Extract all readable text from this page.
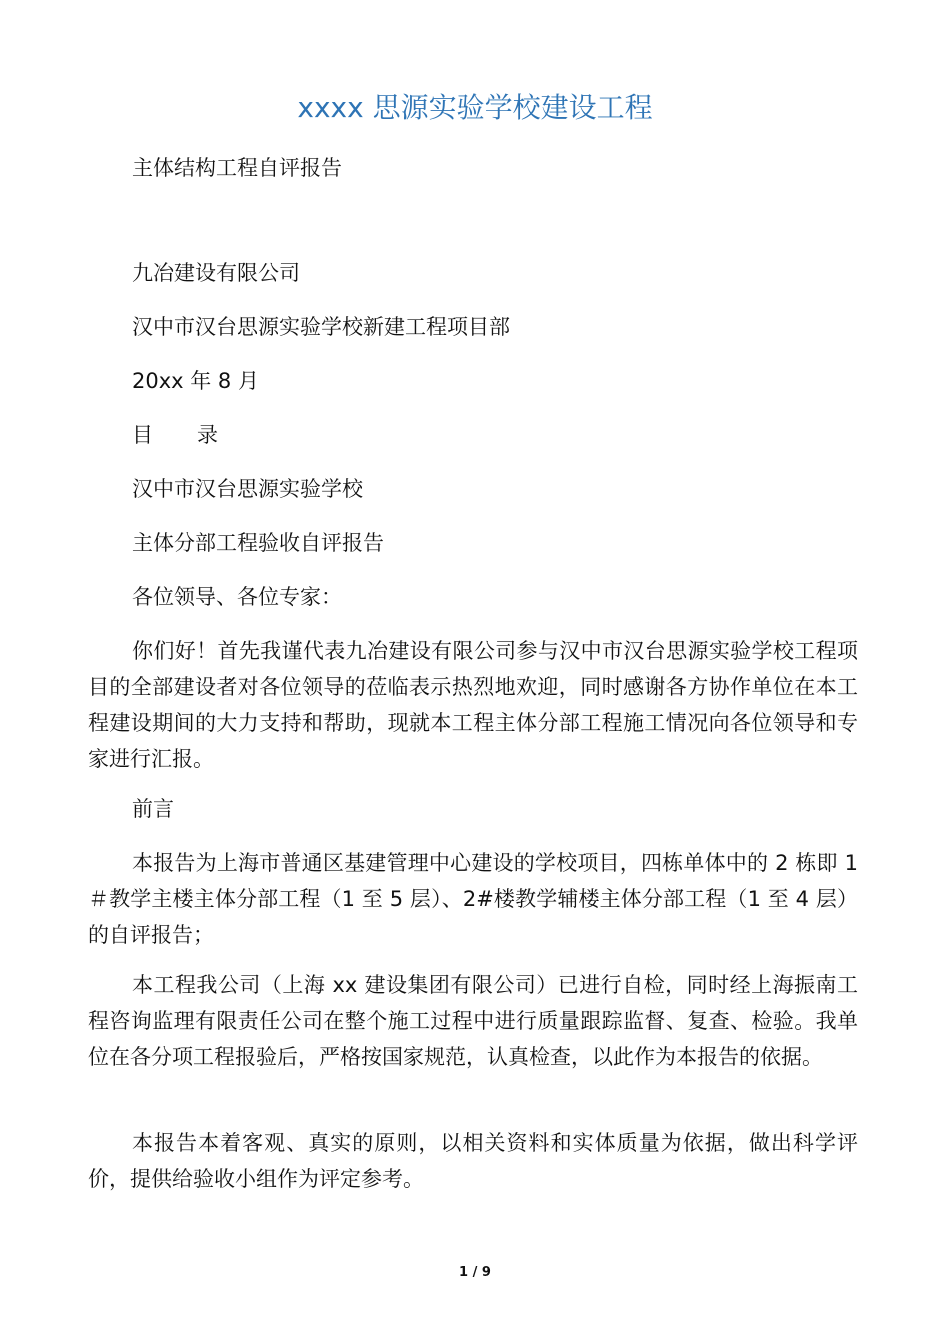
xxxx 思源实验学校建设工程

主体结构工程自评报告

九冶建设有限公司

汉中市汉台思源实验学校新建工程项目部

20xx 年 8 月

目 录

汉中市汉台思源实验学校

主体分部工程验收自评报告

各位领导、各位专家：

你们好！首先我谨代表九冶建设有限公司参与汉中市汉台思源实验学校工程项目的全部建设者对各位领导的莅临表示热烈地欢迎，同时感谢各方协作单位在本工程建设期间的大力支持和帮助，现就本工程主体分部工程施工情况向各位领导和专家进行汇报。

前言

本报告为上海市普通区基建管理中心建设的学校项目，四栋单体中的 2 栋即 1＃教学主楼主体分部工程（1 至 5 层）、2#楼教学辅楼主体分部工程（1 至 4 层）的自评报告；

本工程我公司（上海 xx 建设集团有限公司）已进行自检，同时经上海振南工程咨询监理有限责任公司在整个施工过程中进行质量跟踪监督、复查、检验。我单位在各分项工程报验后，严格按国家规范，认真检查，以此作为本报告的依据。

本报告本着客观、真实的原则，以相关资料和实体质量为依据，做出科学评价，提供给验收小组作为评定参考。

1 / 9
